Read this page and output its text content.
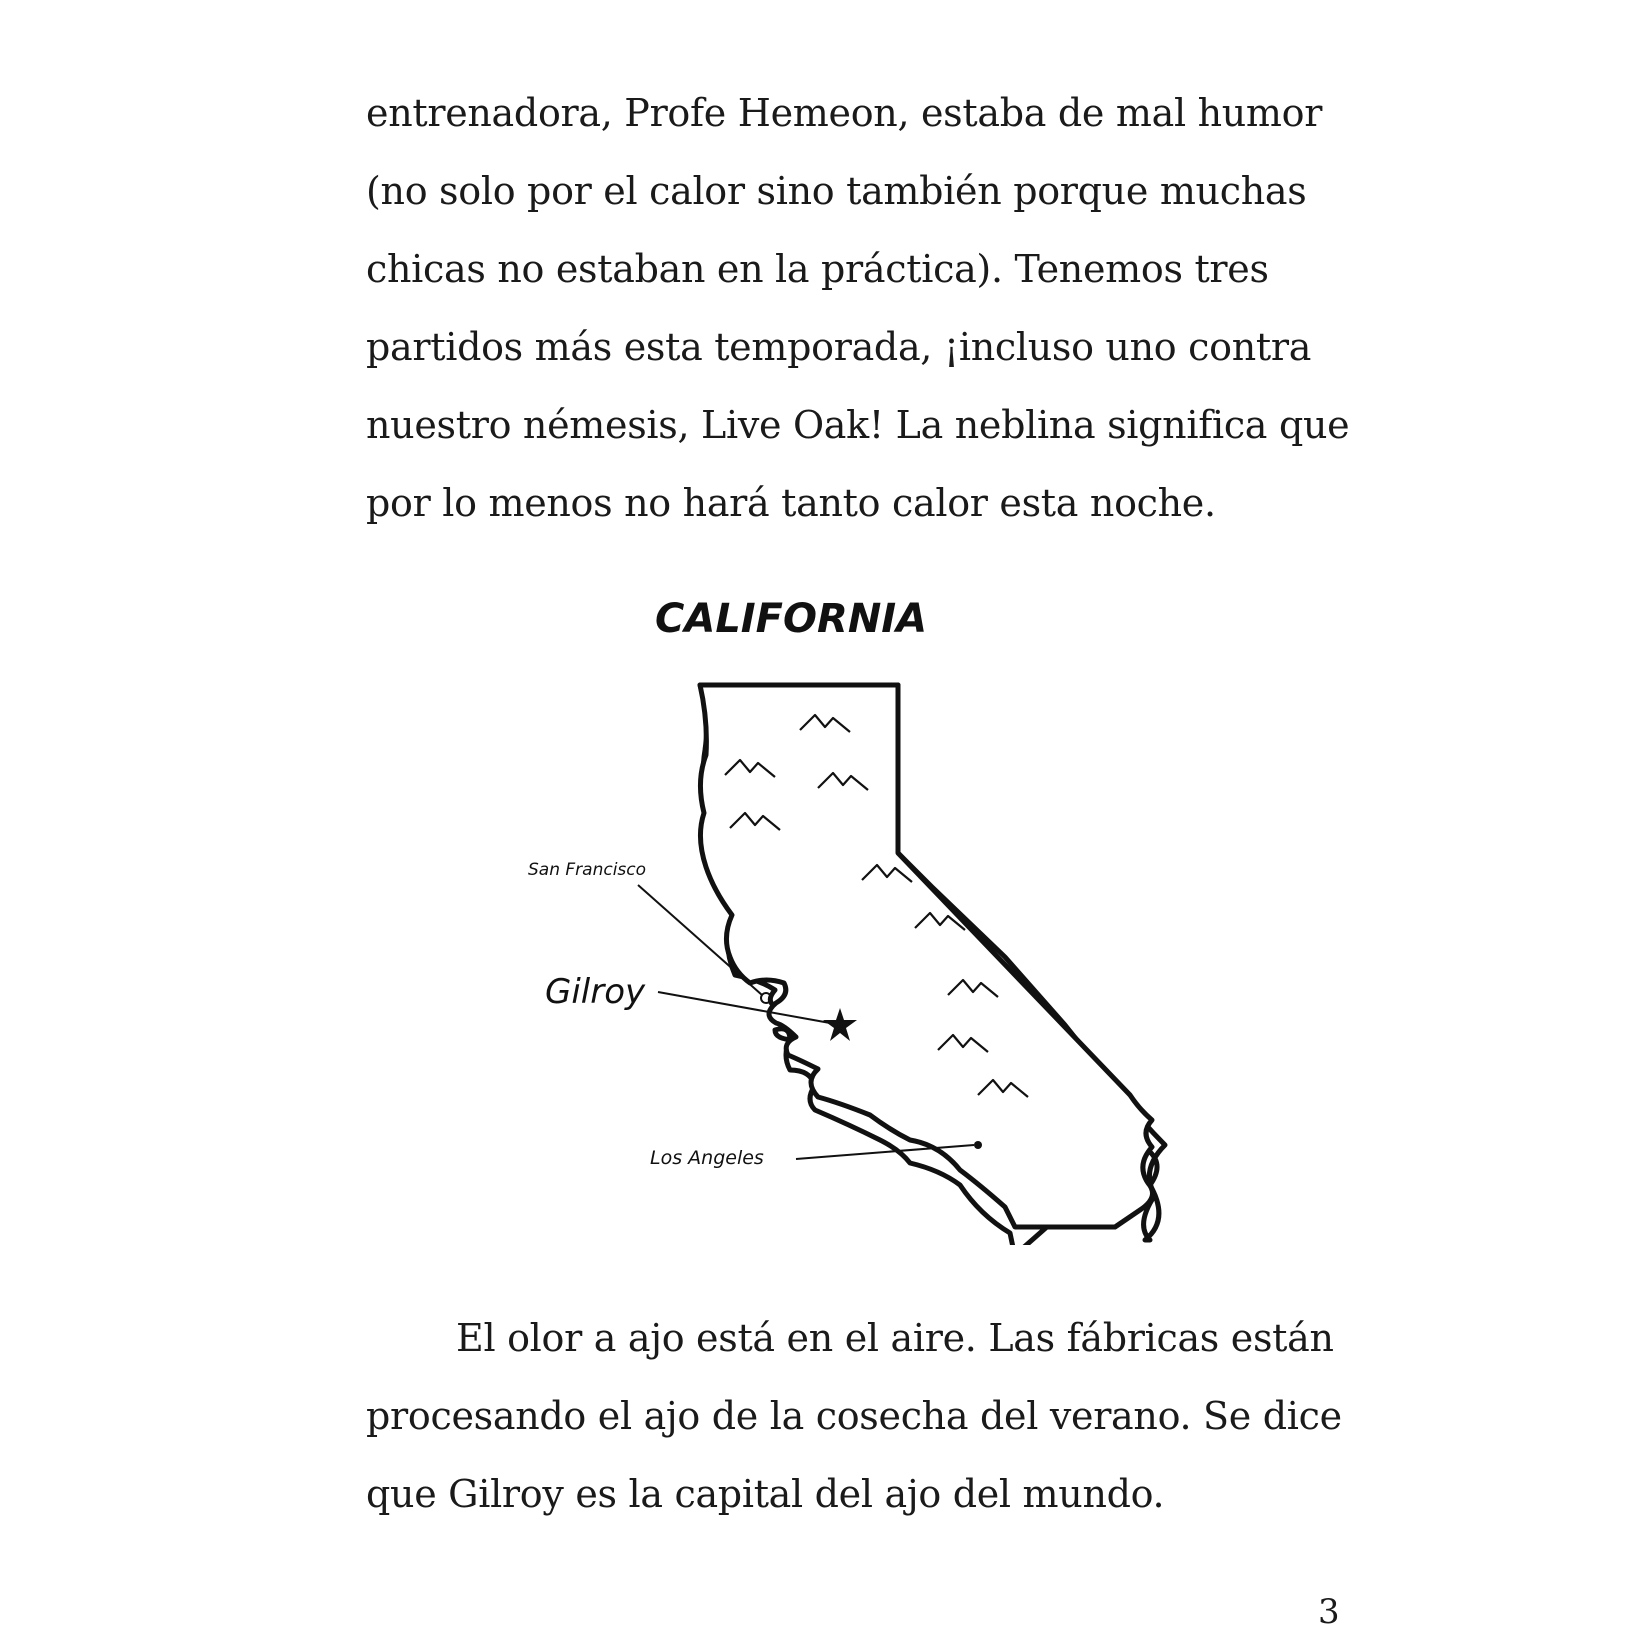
entrenadora, Profe Hemeon, estaba de mal humor
(no solo por el calor sino también porque muchas
chicas no estaban en la práctica). Tenemos tres
partidos más esta temporada, ¡incluso uno contra
nuestro némesis, Live Oak! La neblina significa que
por lo menos no hará tanto calor esta noche.
CALIFORNIA
San Francisco
Gilroy
Los Angeles
El olor a ajo está en el aire. Las fábricas están
procesando el ajo de la cosecha del verano. Se dice
que Gilroy es la capital del ajo del mundo.
3
